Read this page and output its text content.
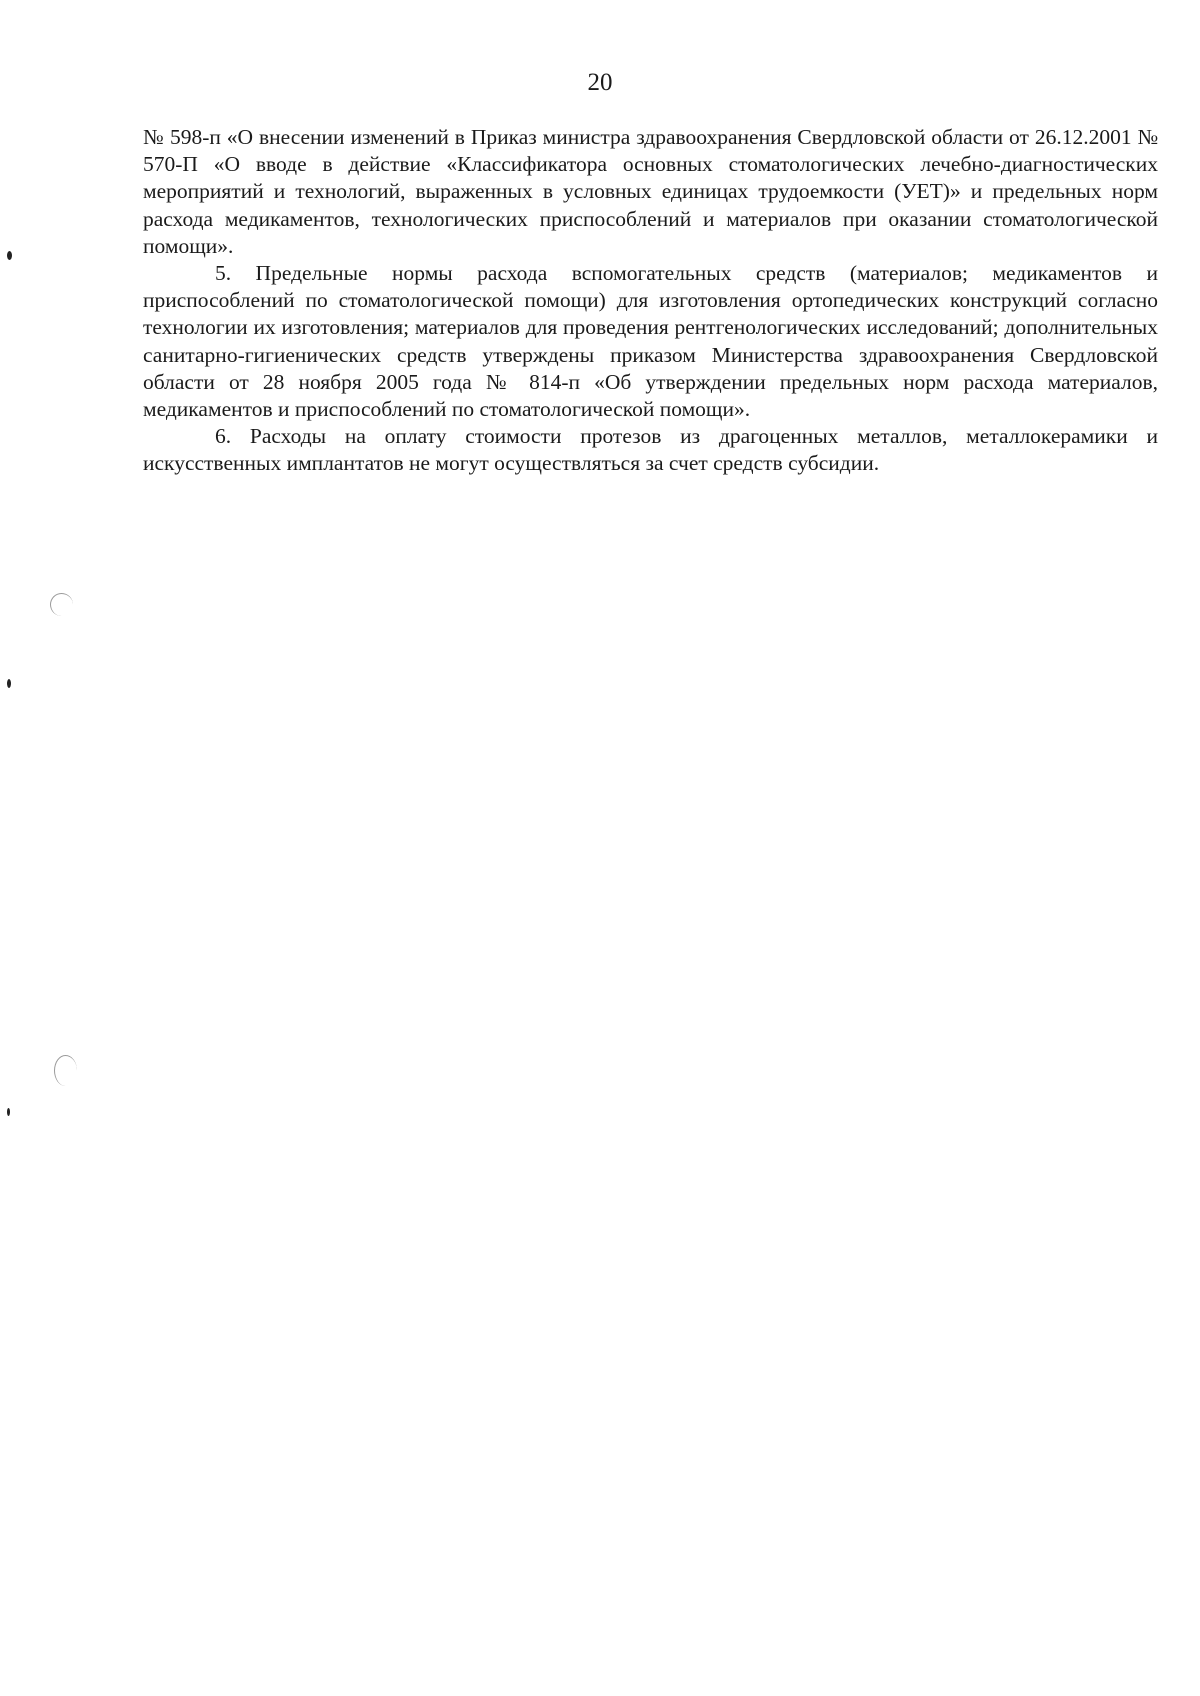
20

№ 598-п «О внесении изменений в Приказ министра здравоохранения Свердловской области от 26.12.2001 № 570-П «О вводе в действие «Классификатора основных стоматологических лечебно-диагностических мероприятий и технологий, выраженных в условных единицах трудоемкости (УЕТ)» и предельных норм расхода медикаментов, технологических приспособлений и материалов при оказании стоматологической помощи».

5. Предельные нормы расхода вспомогательных средств (материалов; медикаментов и приспособлений по стоматологической помощи) для изготовления ортопедических конструкций согласно технологии их изготовления; материалов для проведения рентгенологических исследований; дополнительных санитарно-гигиенических средств утверждены приказом Министерства здравоохранения Свердловской области от 28 ноября 2005 года № 814-п «Об утверждении предельных норм расхода материалов, медикаментов и приспособлений по стоматологической помощи».

6. Расходы на оплату стоимости протезов из драгоценных металлов, металлокерамики и искусственных имплантатов не могут осуществляться за счет средств субсидии.
